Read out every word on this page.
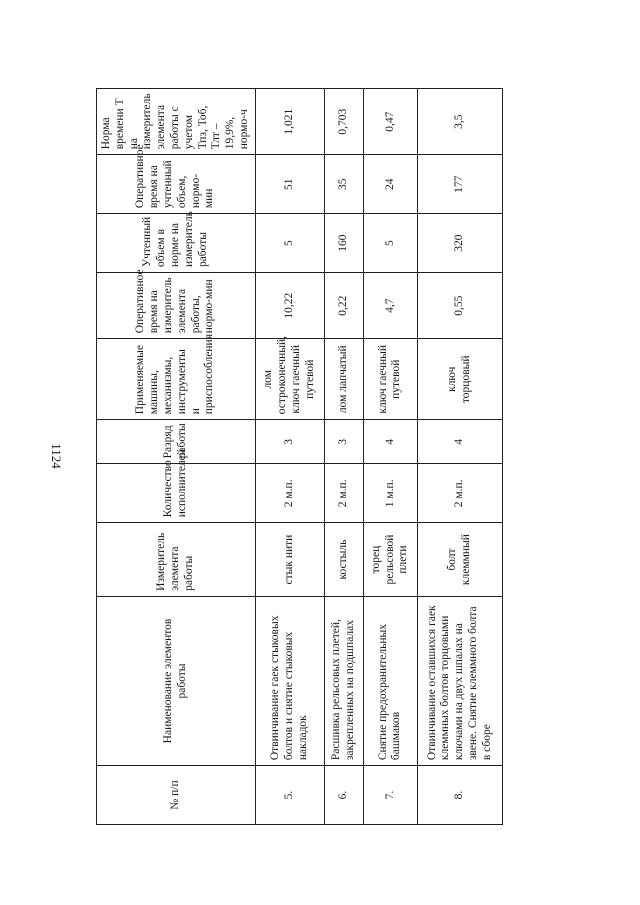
1124
№ п/п	Наименование элементов работы	Измеритель элемента работы	Количество исполнителей	Разряд работы	Применяемые машины, механизмы, инструменты и приспособления	Оперативное время на измеритель элемента работы, нормо-мин	Учтенный объем в норме на измеритель работы	Оперативное время на учтенный объем, нормо-мин	Норма времени Т на измеритель элемента работы с учетом Тпз, Тоб, Тлт – 19,9%, нормо-ч
5.	Отвинчивание гаек стыковых болтов и снятие стыковых накладок	стык нити	2 м.п.	3	лом остроконечный, ключ гаечный путевой	10,22	5	51	1,021
6.	Расшивка рельсовых плетей, закрепленных на подшпалах	костыль	2 м.п.	3	лом лапчатый	0,22	160	35	0,703
7.	Снятие предохранительных башмаков	торец рельсовой плети	1 м.п.	4	ключ гаечный путевой	4,7	5	24	0,47
8.	Отвинчивание оставшихся гаек клеммных болтов торцовыми ключами на двух шпалах на звене. Снятие клеммного болта в сборе	болт клеммный	2 м.п.	4	ключ торцовый	0,55	320	177	3,5
